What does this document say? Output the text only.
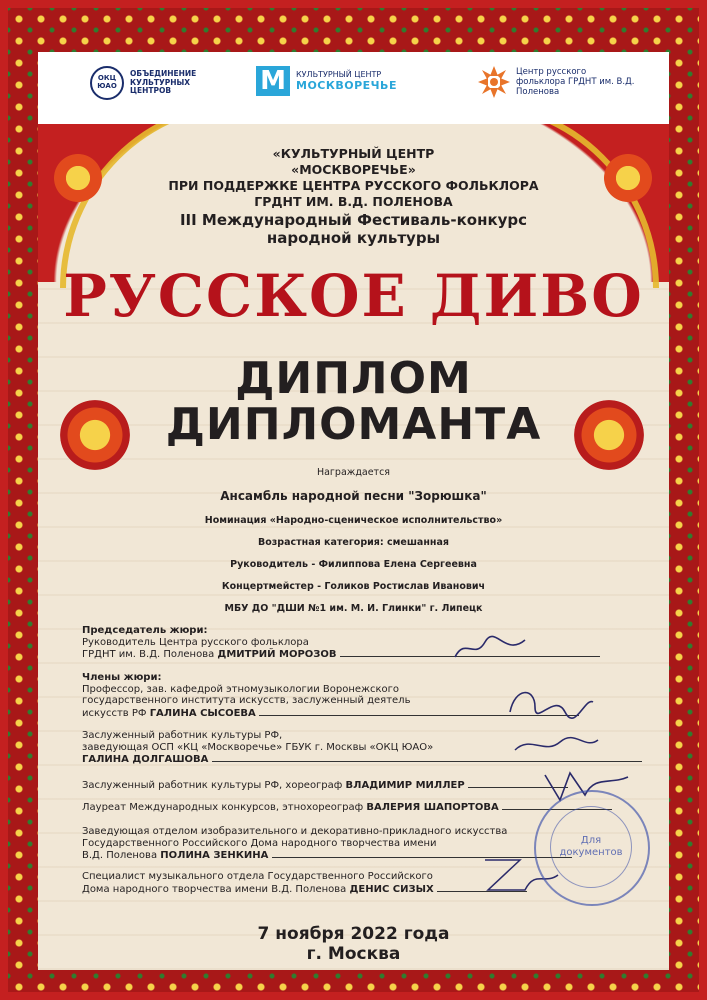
ОКЦ
ЮАО
ОБЪЕДИНЕНИЕ КУЛЬТУРНЫХ ЦЕНТРОВ	M	КУЛЬТУРНЫЙ ЦЕНТР
МОСКВОРЕЧЬЕ
Центр русского фольклора ГРДНТ им. В.Д. Поленова
«КУЛЬТУРНЫЙ ЦЕНТР
«МОСКВОРЕЧЬЕ»
ПРИ ПОДДЕРЖКЕ ЦЕНТРА РУССКОГО ФОЛЬКЛОРА
ГРДНТ ИМ. В.Д. ПОЛЕНОВА
III Международный Фестиваль-конкурс
народной культуры
РУССКОЕ ДИВО
ДИПЛОМ
ДИПЛОМАНТА
Награждается
Ансамбль народной песни "Зорюшка"
Номинация «Народно-сценическое исполнительство»
Возрастная категория: смешанная
Руководитель - Филиппова Елена Сергеевна
Концертмейстер - Голиков Ростислав Иванович
МБУ ДО "ДШИ №1 им. М. И. Глинки" г. Липецк
Председатель жюри:
Руководитель Центра русского фольклора
ГРДНТ им. В.Д. Поленова ДМИТРИЙ МОРОЗОВ
Члены жюри:
Профессор, зав. кафедрой этномузыкологии Воронежского
государственного института искусств, заслуженный деятель
искусств РФ ГАЛИНА СЫСОЕВА
Заслуженный работник культуры РФ,
заведующая ОСП «КЦ «Москворечье» ГБУК г. Москвы «ОКЦ ЮАО»
ГАЛИНА ДОЛГАШОВА
Заслуженный работник культуры РФ, хореограф ВЛАДИМИР МИЛЛЕР
Лауреат Международных конкурсов, этнохореограф ВАЛЕРИЯ ШАПОРТОВА
Заведующая отделом изобразительного и декоративно-прикладного искусства
Государственного Российского Дома народного творчества имени
В.Д. Поленова ПОЛИНА ЗЕНКИНА
Специалист музыкального отдела Государственного Российского
Дома народного творчества имени В.Д. Поленова ДЕНИС СИЗЫХ
Для
документов
7 ноября 2022 года
г. Москва
